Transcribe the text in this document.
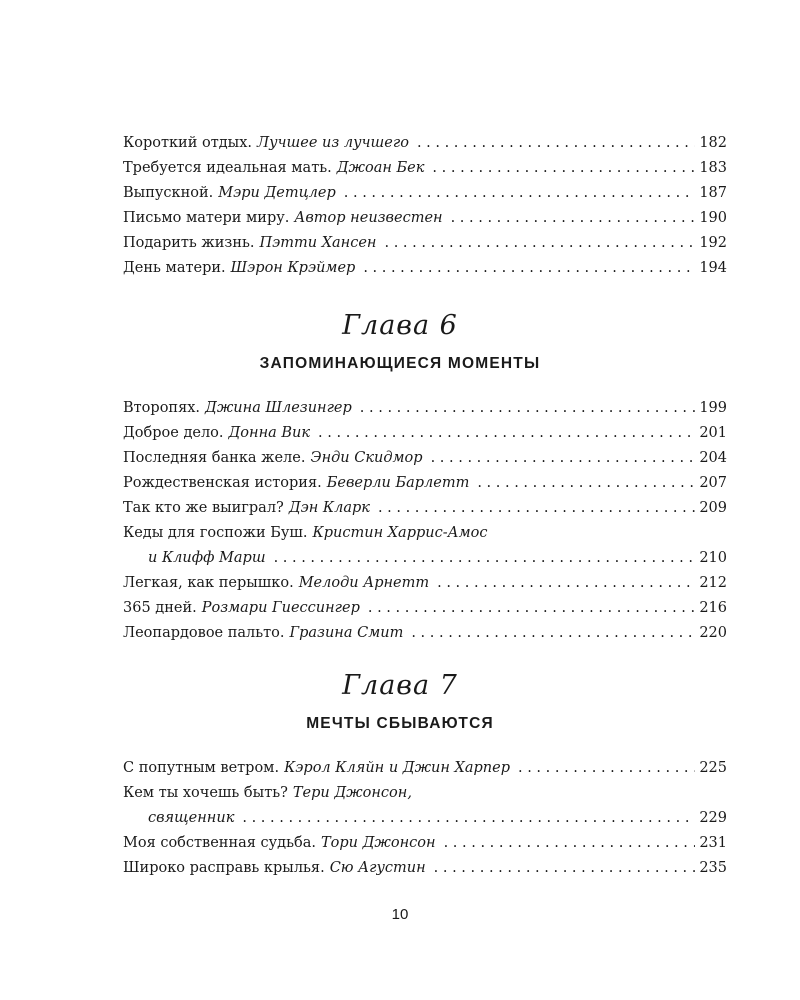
Короткий отдых. Лучшее из лучшего . . .	182
Требуется идеальная мать. Джоан Бек . . .	183
Выпускной. Мэри Детцлер . . .	187
Письмо матери миру. Автор неизвестен . . .	190
Подарить жизнь. Пэтти Хансен . . .	192
День матери. Шэрон Крэймер . . .	194
Глава 6
ЗАПОМИНАЮЩИЕСЯ МОМЕНТЫ
Второпях. Джина Шлезингер . . .	199
Доброе дело. Донна Вик . . .	201
Последняя банка желе. Энди Скидмор . . .	204
Рождественская история. Беверли Барлетт . . .	207
Так кто же выиграл? Дэн Кларк . . .	209
Кеды для госпожи Буш. Кристин Харрис-Амос
и Клифф Марш . . .	210
Легкая, как перышко. Мелоди Арнетт . . .	212
365 дней. Розмари Гиессингер . . .	216
Леопардовое пальто. Гразина Смит . . .	220
Глава 7
МЕЧТЫ СБЫВАЮТСЯ
С попутным ветром. Кэрол Кляйн и Джин Харпер . . .	225
Кем ты хочешь быть? Тери Джонсон,
священник . . .	229
Моя собственная судьба. Тори Джонсон . . .	231
Широко расправь крылья. Сю Агустин . . .	235
10
